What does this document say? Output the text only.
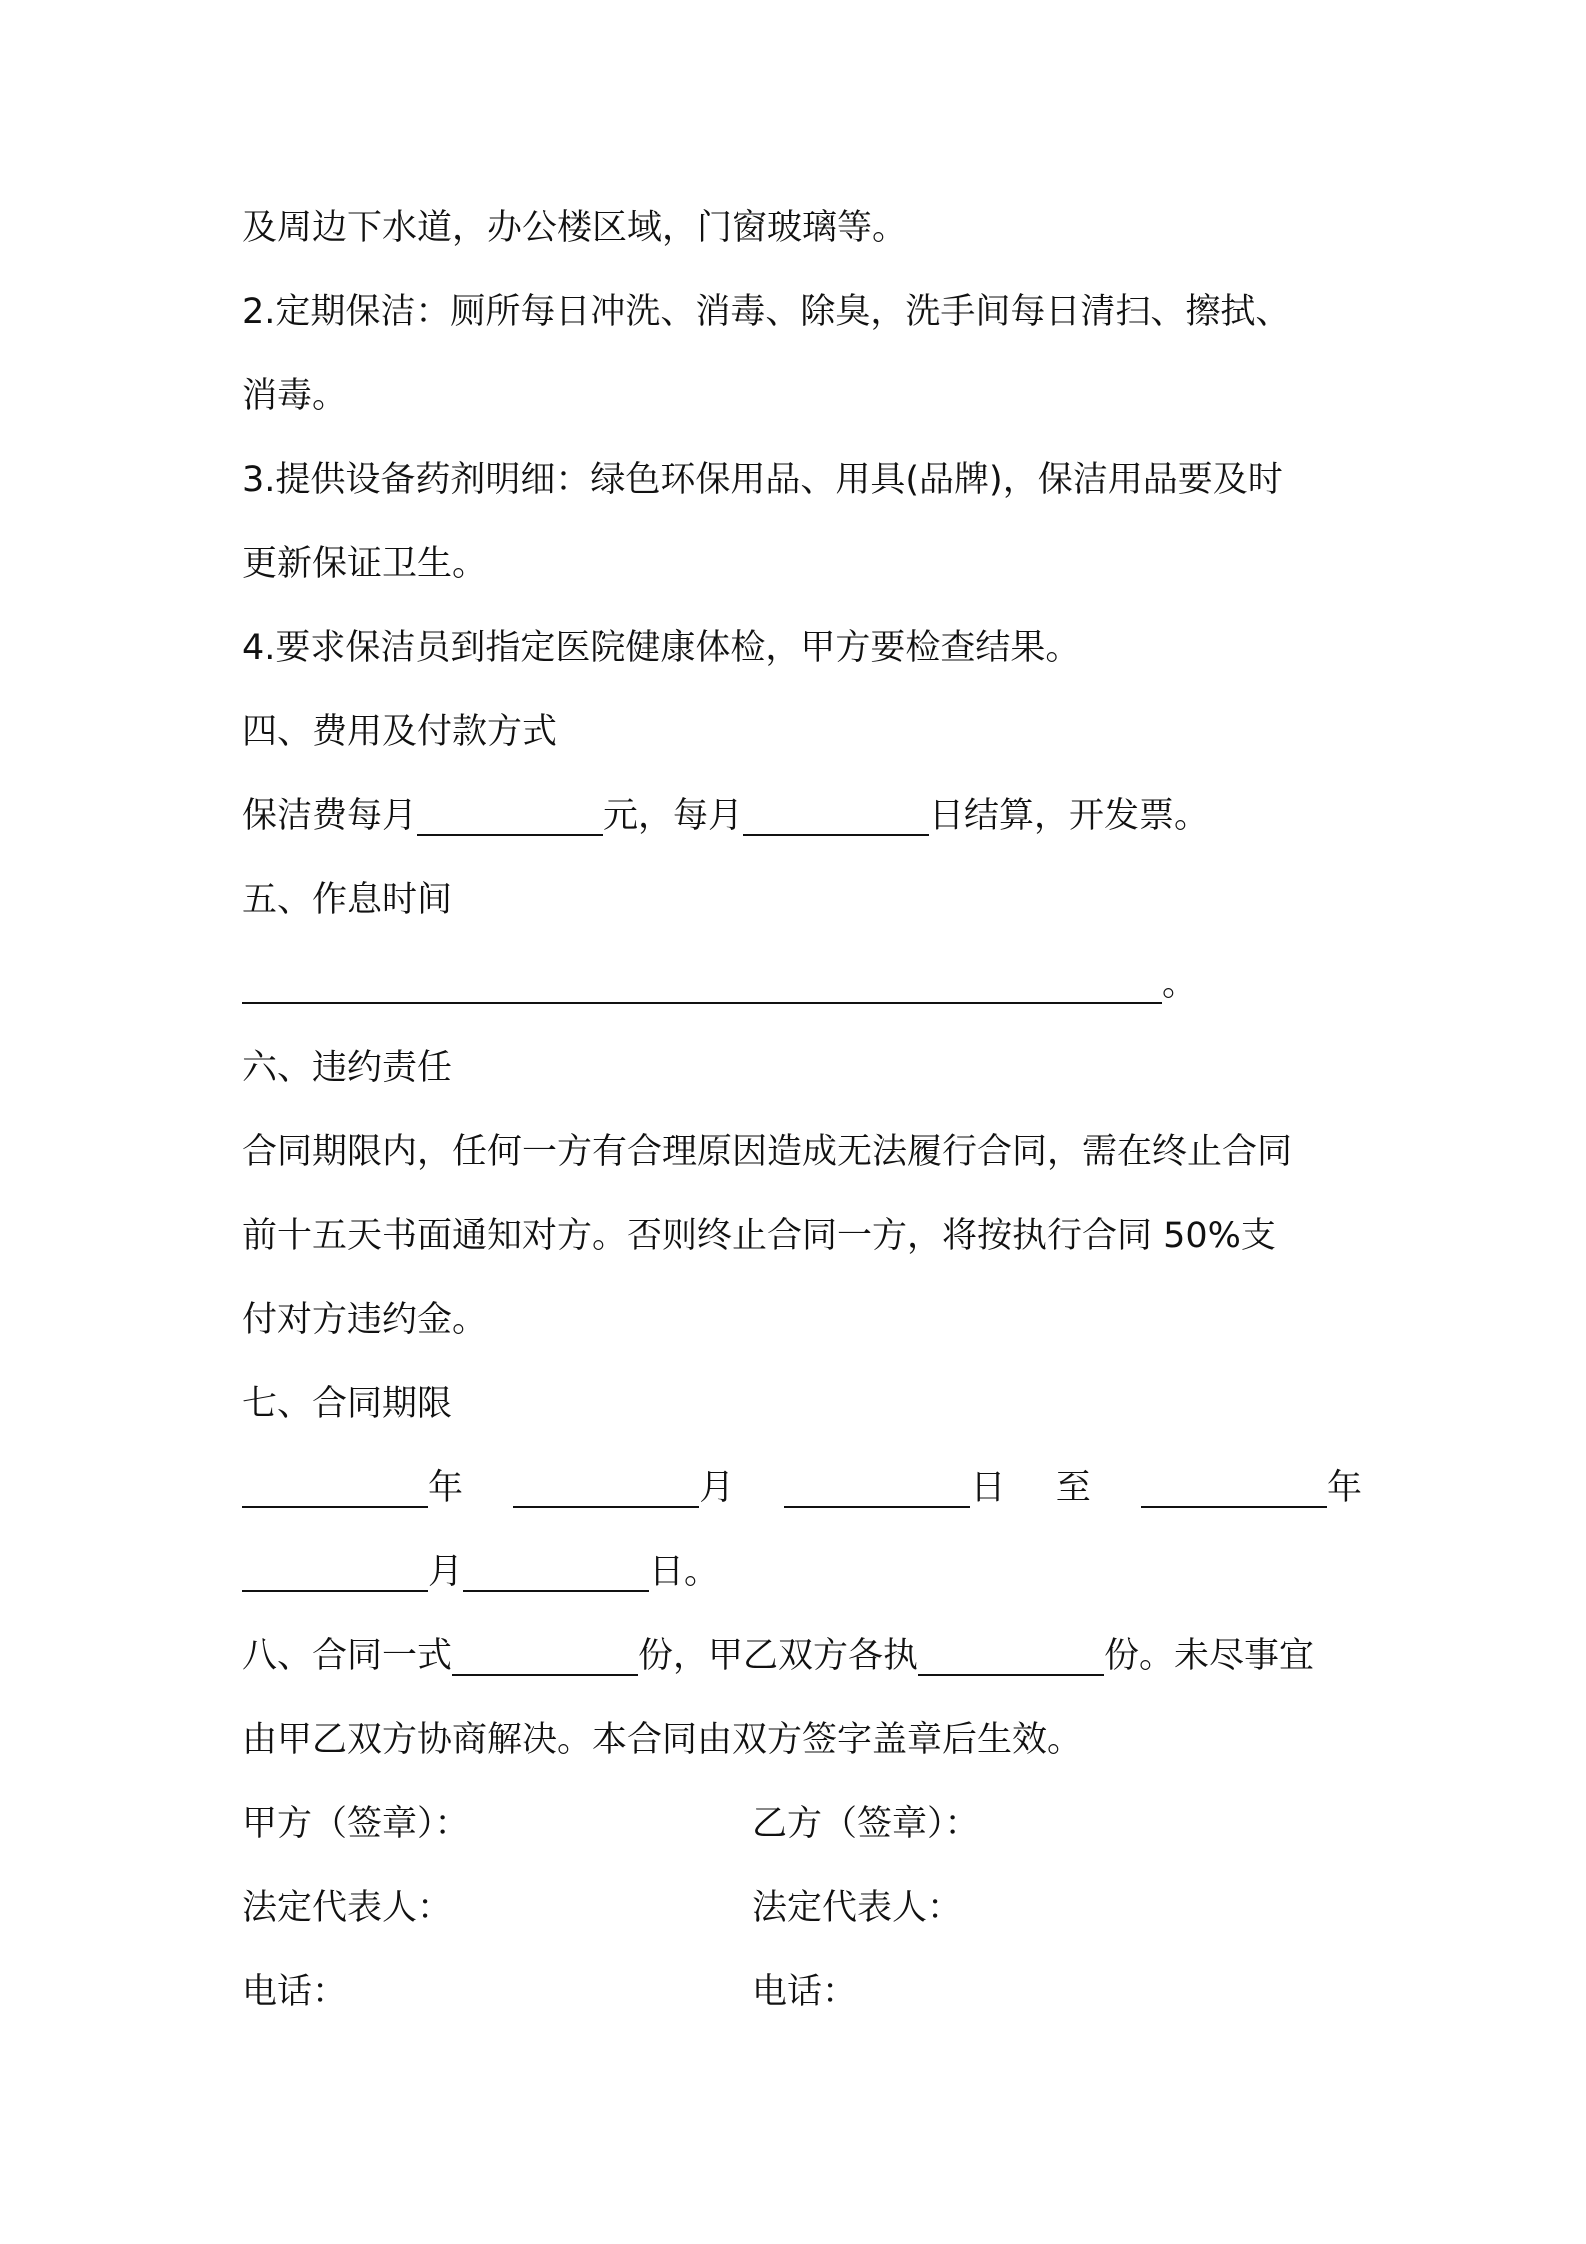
及周边下水道，办公楼区域，门窗玻璃等。
2.定期保洁：厕所每日冲洗、消毒、除臭，洗手间每日清扫、擦拭、
消毒。
3.提供设备药剂明细：绿色环保用品、用具(品牌)，保洁用品要及时
更新保证卫生。
4.要求保洁员到指定医院健康体检，甲方要检查结果。
四、费用及付款方式
保洁费每月	元，每月	日结算，开发票。
五、作息时间
。
六、违约责任
合同期限内，任何一方有合理原因造成无法履行合同，需在终止合同
前十五天书面通知对方。否则终止合同一方，将按执行合同 50%支
付对方违约金。
七、合同期限
年	月	日 至	年
月	日。
八、合同一式	份，甲乙双方各执	份。未尽事宜
由甲乙双方协商解决。本合同由双方签字盖章后生效。
甲方（签章）：	乙方（签章）：
法定代表人：	法定代表人：
电话：	电话：
